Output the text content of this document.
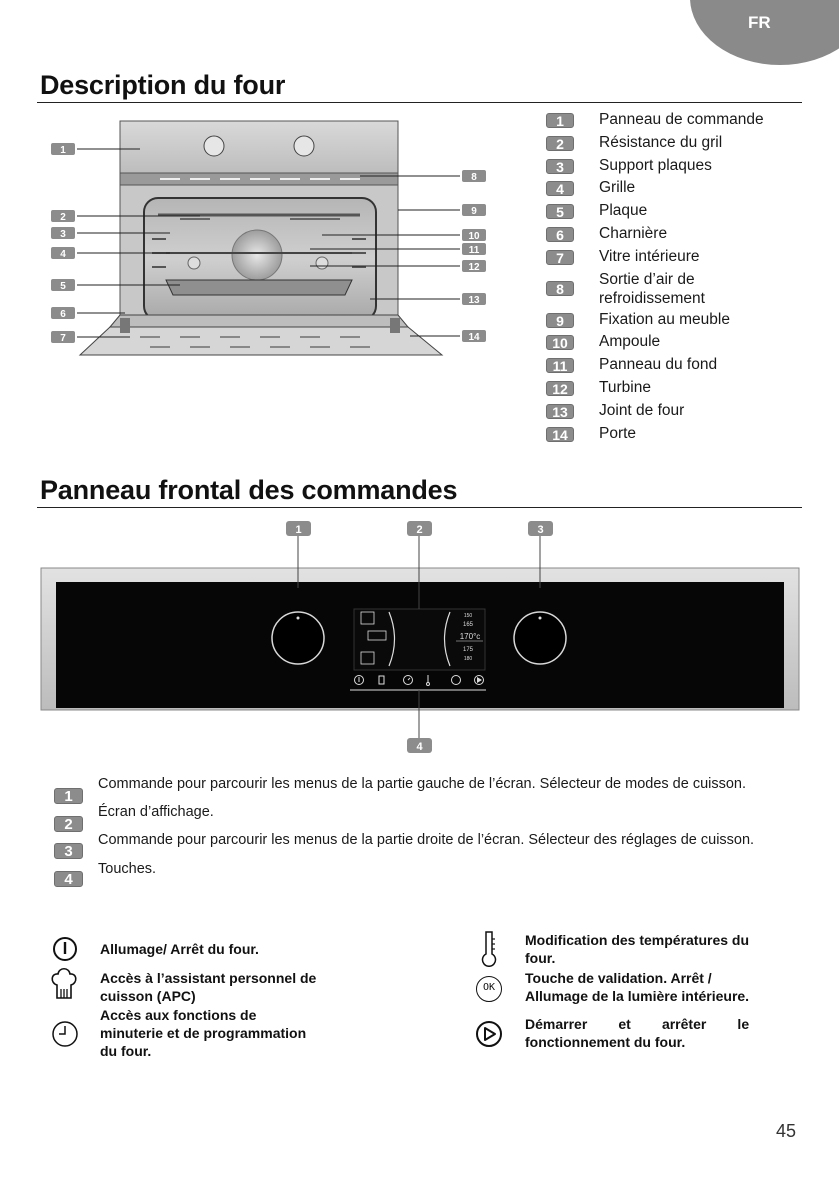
FR
Description du four
1
2
3
4
5
6
7
8
9
10
11
12
13
14
1	Panneau de commande
2	Résistance du gril
3	Support plaques
4	Grille
5	Plaque
6	Charnière
7	Vitre intérieure
8
Sortie d’air de refroidissement
9	Fixation au meuble
10	Ampoule
11	Panneau du fond
12	Turbine
13	Joint de four
14	Porte
Panneau frontal des commandes
150
165
170°c
175
180
1	2	3
4
1
Commande pour parcourir les menus de la partie gauche de l’écran. Sélecteur de modes de cuisson.
2
Écran d’affichage.
3
Commande pour parcourir les menus de la partie droite de l’écran. Sélecteur des réglages de cuisson.
4
Touches.
Allumage/ Arrêt du four.
Accès à l’assistant personnel de
cuisson (APC)
Accès aux fonctions de
minuterie et de programmation
du four.
Modification des températures du
four.
OK
Touche de validation. Arrêt /
Allumage de la lumière intérieure.
Démarrer        et        arrêter        le
fonctionnement du four.
45
